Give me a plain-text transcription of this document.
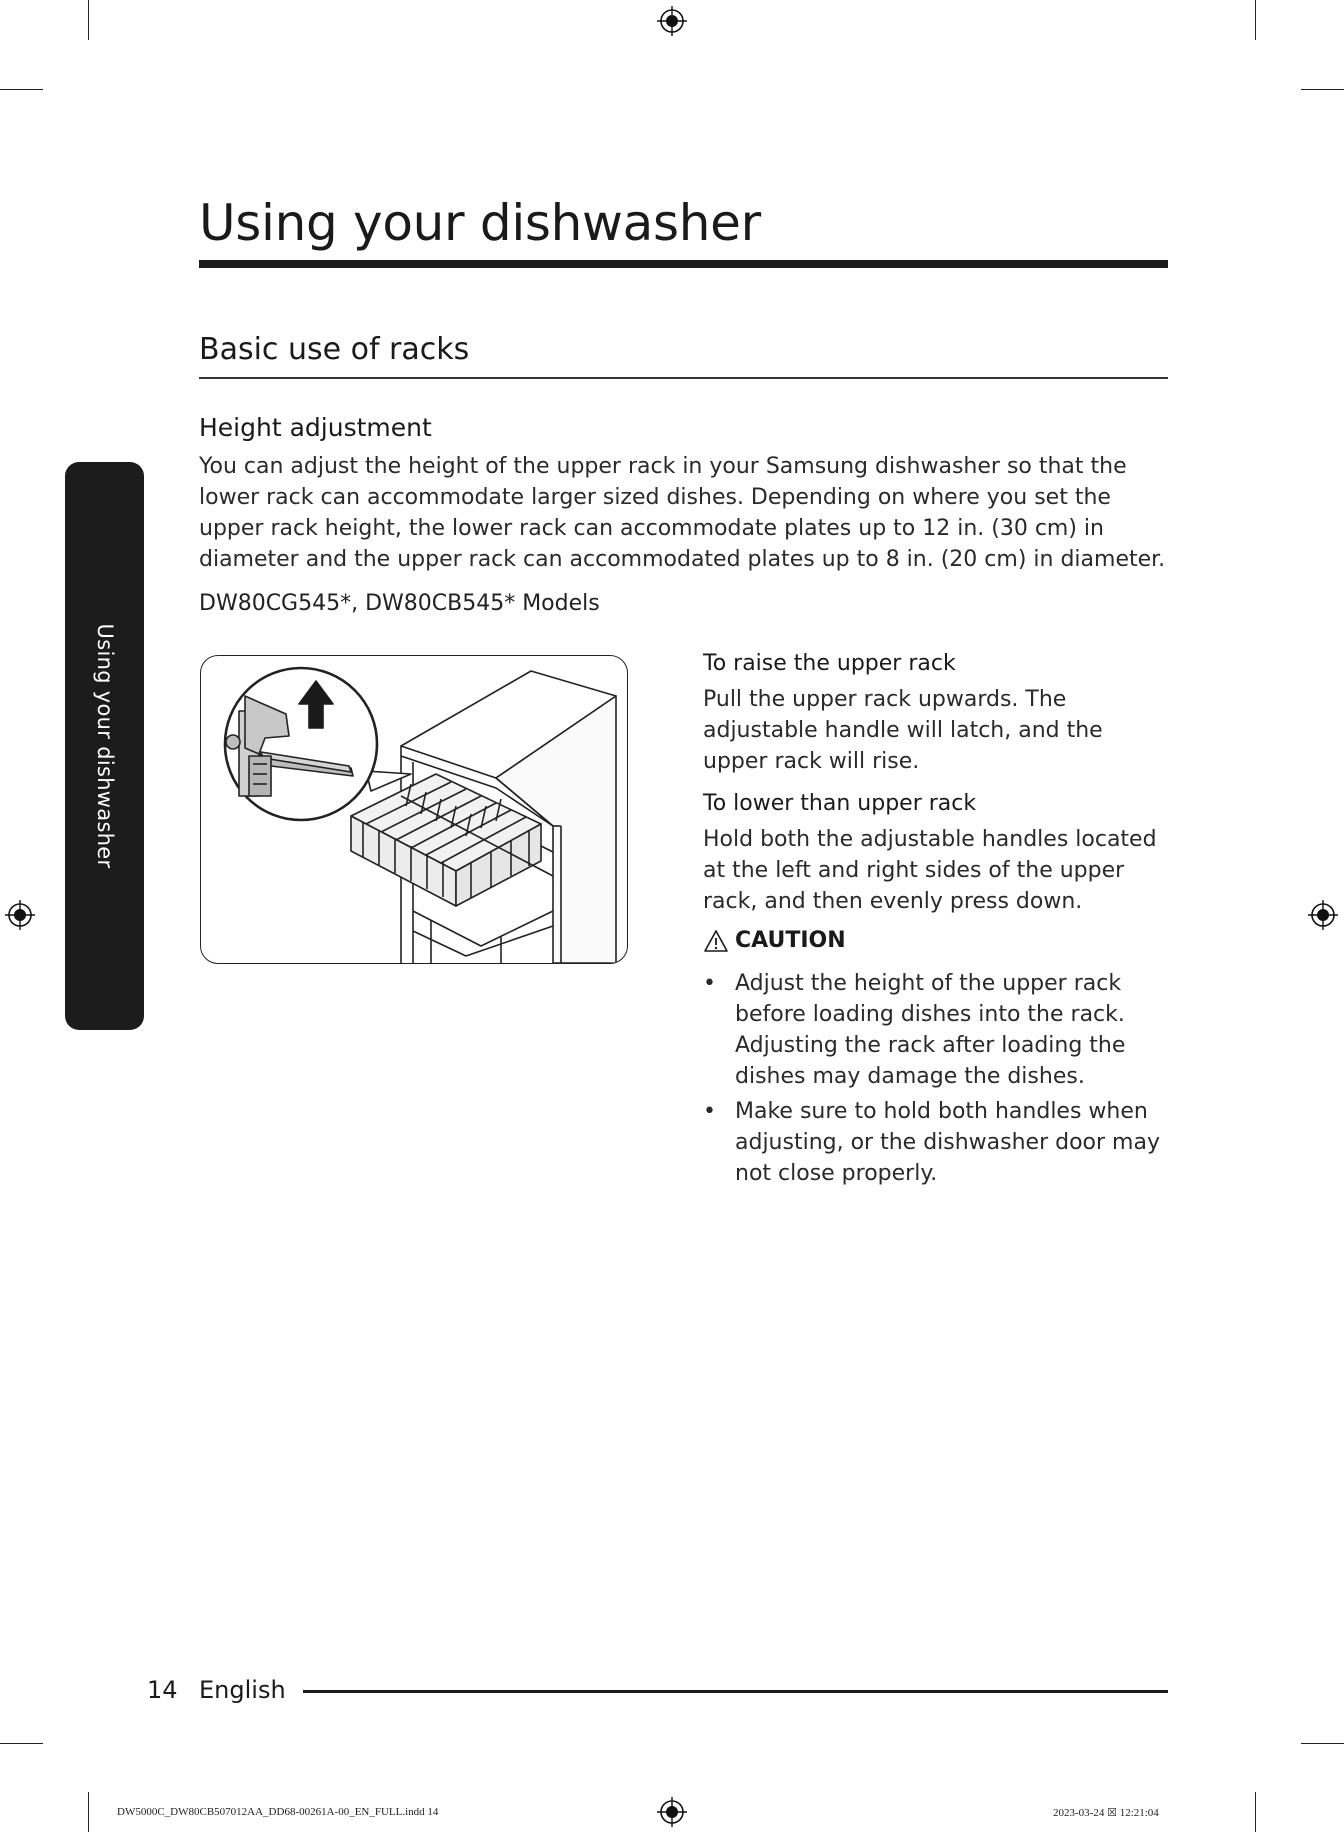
Using your dishwasher
Using your dishwasher
Basic use of racks
Height adjustment

You can adjust the height of the upper rack in your Samsung dishwasher so that the lower rack can accommodate larger sized dishes. Depending on where you set the upper rack height, the lower rack can accommodate plates up to 12 in. (30 cm) in diameter and the upper rack can accommodated plates up to 8 in. (20 cm) in diameter.

DW80CG545*, DW80CB545* Models

To raise the upper rack

Pull the upper rack upwards. The adjustable handle will latch, and the upper rack will rise.

To lower than upper rack

Hold both the adjustable handles located at the left and right sides of the upper rack, and then evenly press down.

CAUTION
• Adjust the height of the upper rack before loading dishes into the rack. Adjusting the rack after loading the dishes may damage the dishes.
• Make sure to hold both handles when adjusting, or the dishwasher door may not close properly.
14 English
DW5000C_DW80CB507012AA_DD68-00261A-00_EN_FULL.indd 14	2023-03-24 ☒ 12:21:04
